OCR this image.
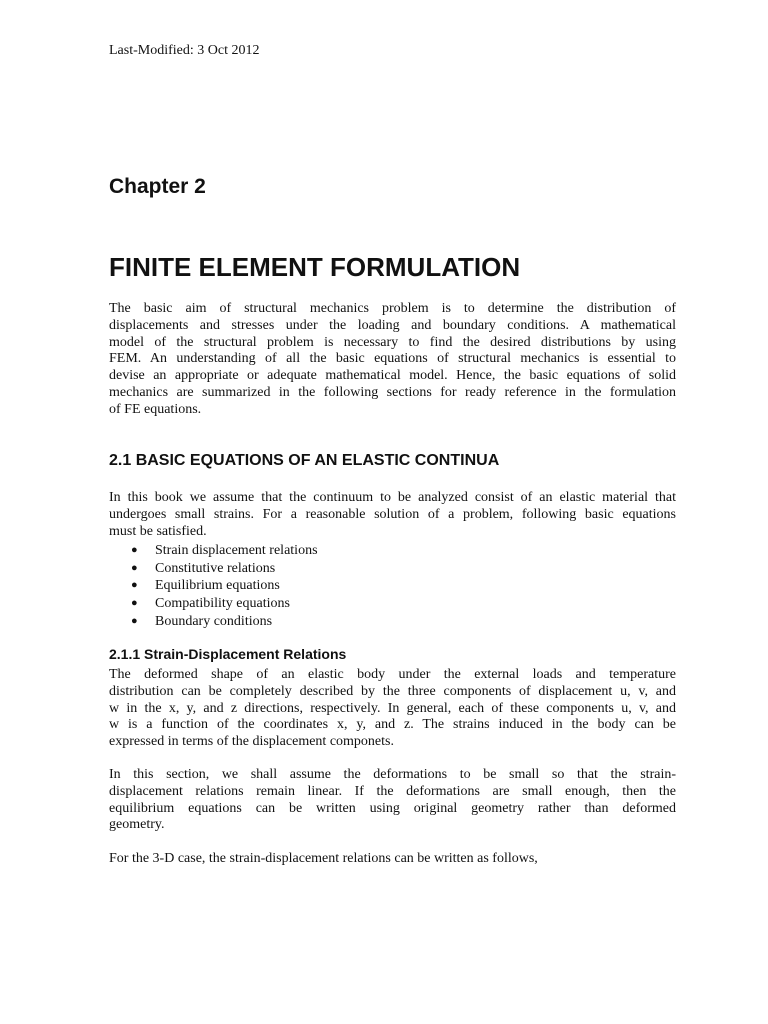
Last-Modified: 3 Oct 2012
Chapter 2
FINITE ELEMENT FORMULATION
The basic aim of structural mechanics problem is to determine the distribution of
displacements and stresses under the loading and boundary conditions. A mathematical
model of the structural problem is necessary to find the desired distributions by using
FEM. An understanding of all the basic equations of structural mechanics is essential to
devise an appropriate or adequate mathematical model. Hence, the basic equations of solid
mechanics are summarized in the following sections for ready reference in the formulation
of FE equations.
2.1 BASIC EQUATIONS OF AN ELASTIC CONTINUA
In this book we assume that the continuum to be analyzed consist of an elastic material that
undergoes small strains. For a reasonable solution of a problem, following basic equations
must be satisfied.
● Strain displacement relations
● Constitutive relations
● Equilibrium equations
● Compatibility equations
● Boundary conditions
2.1.1 Strain-Displacement Relations
The deformed shape of an elastic body under the external loads and temperature
distribution can be completely described by the three components of displacement u, v, and
w in the x, y, and z directions, respectively. In general, each of these components u, v, and
w is a function of the coordinates x, y, and z. The strains induced in the body can be
expressed in terms of the displacement componets.
In this section, we shall assume the deformations to be small so that the strain-
displacement relations remain linear. If the deformations are small enough, then the
equilibrium equations can be written using original geometry rather than deformed
geometry.
For the 3-D case, the strain-displacement relations can be written as follows,
